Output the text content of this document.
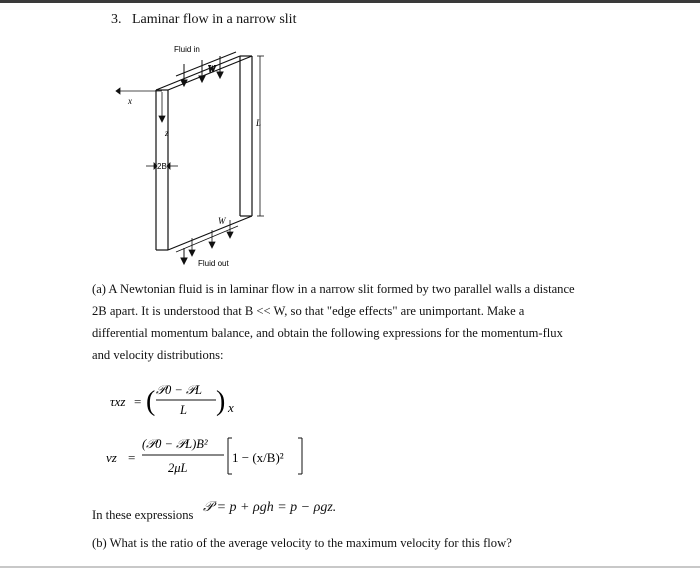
3. Laminar flow in a narrow slit
Fluid in
W
x
z
2B
L
W
Fluid out

(a) A Newtonian fluid is in laminar flow in a narrow slit formed by two parallel walls a distance

2B apart. It is understood that B << W, so that "edge effects" are unimportant. Make a

differential momentum balance, and obtain the following expressions for the momentum-flux

and velocity distributions:

τxz = ( 𝒫0 − 𝒫L
L ) x
vz =
(𝒫0 − 𝒫L)B²
2μL
1 − (x/B)²
In these expressions 𝒫 = p + ρgh = p − ρgz.
(b) What is the ratio of the average velocity to the maximum velocity for this flow?
